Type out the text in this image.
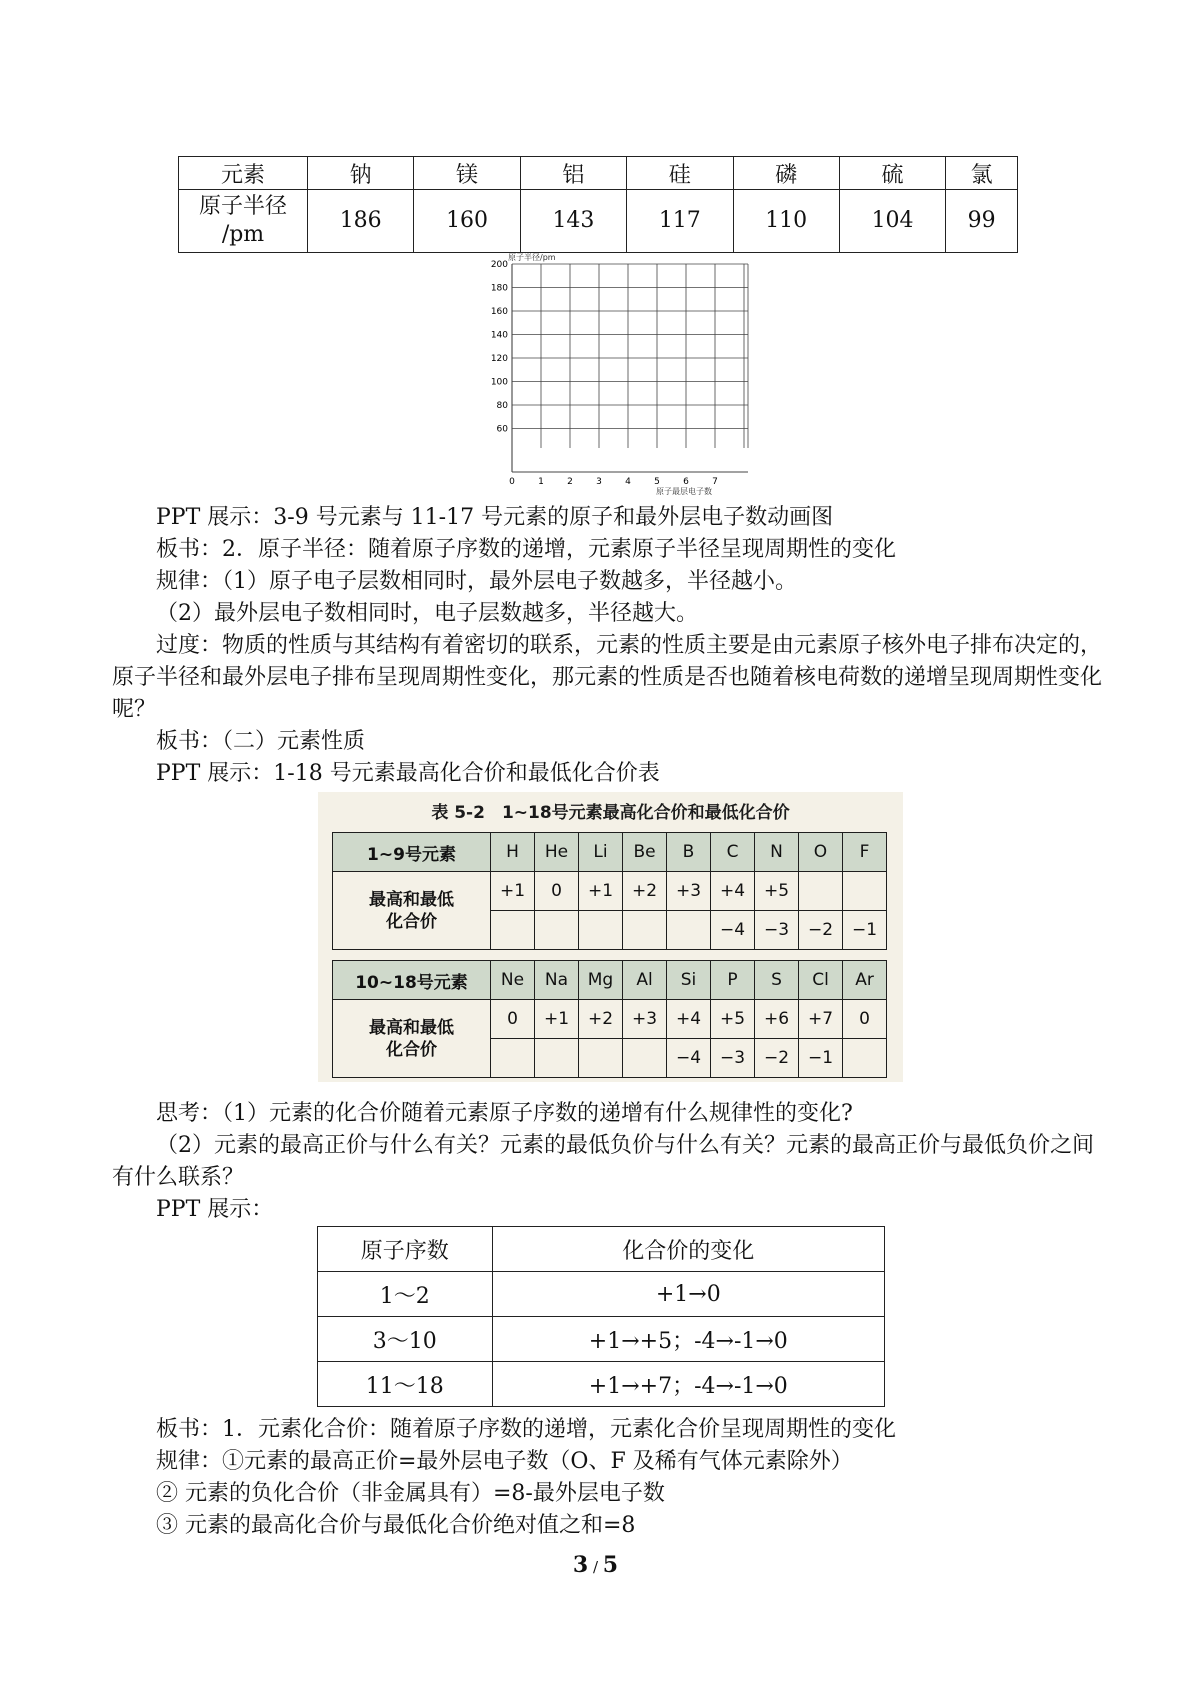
元素	钠	镁	铝	硅	磷	硫	氯
原子半径
/pm	186	160	143	117	110	104	99
原子半径/pm
原子最层电子数
200
180
160
140
120
100
80
60
0	1	2	3	4	5	6	7
PPT 展示：3-9 号元素与 11-17 号元素的原子和最外层电子数动画图
板书：2．原子半径：随着原子序数的递增，元素原子半径呈现周期性的变化
规律：（1）原子电子层数相同时，最外层电子数越多，半径越小。
（2）最外层电子数相同时，电子层数越多，半径越大。
过度：物质的性质与其结构有着密切的联系，元素的性质主要是由元素原子核外电子排布决定的，原子半径和最外层电子排布呈现周期性变化，那元素的性质是否也随着核电荷数的递增呈现周期性变化呢？
板书：（二）元素性质
PPT 展示：1-18 号元素最高化合价和最低化合价表
表 5-2　1~18号元素最高化合价和最低化合价
1~9号元素	H	He	Li	Be	B	C	N	O	F
最高和最低
化合价	+1	0	+1	+2	+3	+4	+5		
						−4	−3	−2	−1

10~18号元素	Ne	Na	Mg	Al	Si	P	S	Cl	Ar
最高和最低
化合价	0	+1	+2	+3	+4	+5	+6	+7	0
					−4	−3	−2	−1	
思考：（1）元素的化合价随着元素原子序数的递增有什么规律性的变化?
（2）元素的最高正价与什么有关？元素的最低负价与什么有关？元素的最高正价与最低负价之间有什么联系？
PPT 展示：
原子序数	化合价的变化
1～2	+1→0
3～10	+1→+5；-4→-1→0
11～18	+1→+7；-4→-1→0
板书：1．元素化合价：随着原子序数的递增，元素化合价呈现周期性的变化
规律：①元素的最高正价=最外层电子数（O、F 及稀有气体元素除外）
② 元素的负化合价（非金属具有）=8-最外层电子数
③ 元素的最高化合价与最低化合价绝对值之和=8
3 / 5
